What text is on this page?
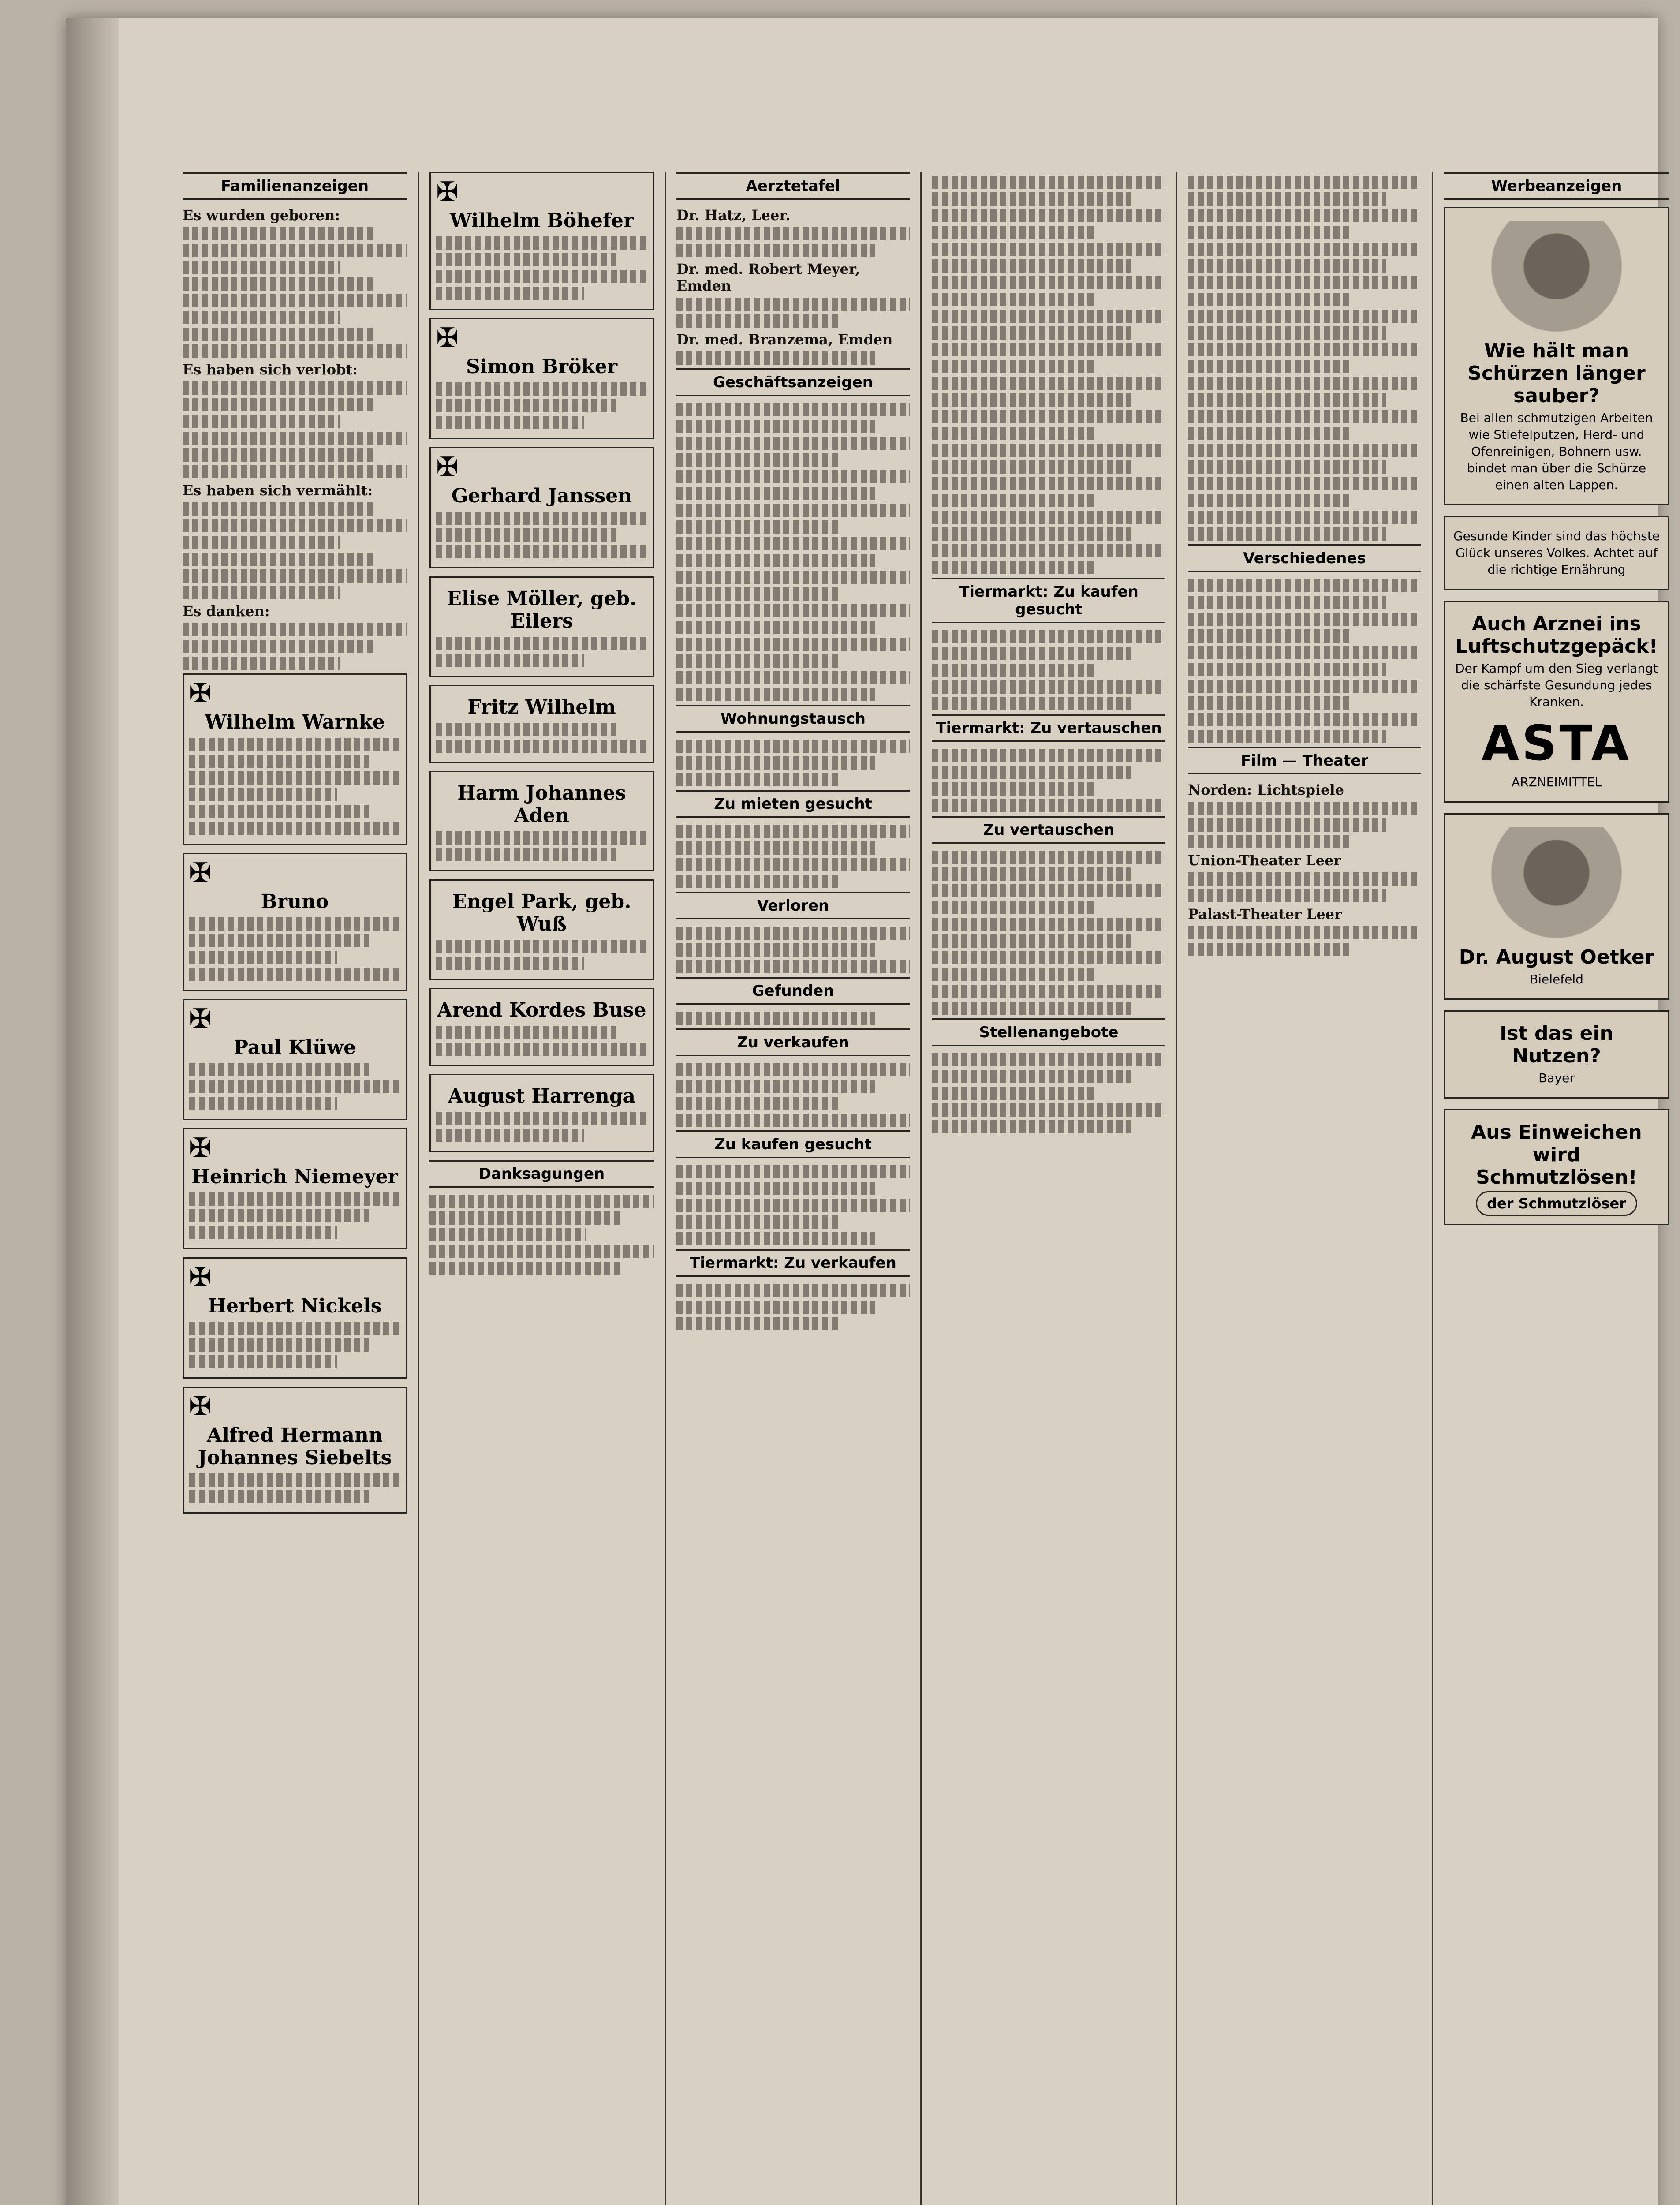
Familienanzeigen
Es wurden geboren:
Es haben sich verlobt:
Es haben sich vermählt:
Es danken:
✠
Wilhelm Warnke
✠
Bruno
✠
Paul Klüwe
✠
Heinrich Niemeyer
✠
Herbert Nickels
✠
Alfred Hermann Johannes Siebelts
✠
Wilhelm Böhefer
✠
Simon Bröker
✠
Gerhard Janssen
Elise Möller, geb. Eilers
Fritz Wilhelm
Harm Johannes Aden
Engel Park, geb. Wuß
Arend Kordes Buse
August Harrenga
Danksagungen
Aerztetafel
Dr. Hatz, Leer.
Dr. med. Robert Meyer, Emden
Dr. med. Branzema, Emden
Geschäftsanzeigen
Wohnungstausch
Zu mieten gesucht
Verloren
Gefunden
Zu verkaufen
Zu kaufen gesucht
Tiermarkt: Zu verkaufen
Tiermarkt: Zu kaufen gesucht
Tiermarkt: Zu vertauschen
Zu vertauschen
Stellenangebote
Verschiedenes
Film — Theater
Norden: Lichtspiele
Union-Theater Leer
Palast-Theater Leer
Werbeanzeigen
Wie hält man Schürzen länger sauber?
Bei allen schmutzigen Arbeiten wie Stiefelputzen, Herd- und Ofenreinigen, Bohnern usw. bindet man über die Schürze einen alten Lappen.
Gesunde Kinder sind das höchste Glück unseres Volkes. Achtet auf die richtige Ernährung
Auch Arznei ins Luftschutzgepäck!
Der Kampf um den Sieg verlangt die schärfste Gesundung jedes Kranken.
ASTA
ARZNEIMITTEL
Dr. August Oetker
Bielefeld
Ist das ein Nutzen?
Bayer
Aus Einweichen wird Schmutzlösen!
der Schmutzlöser
